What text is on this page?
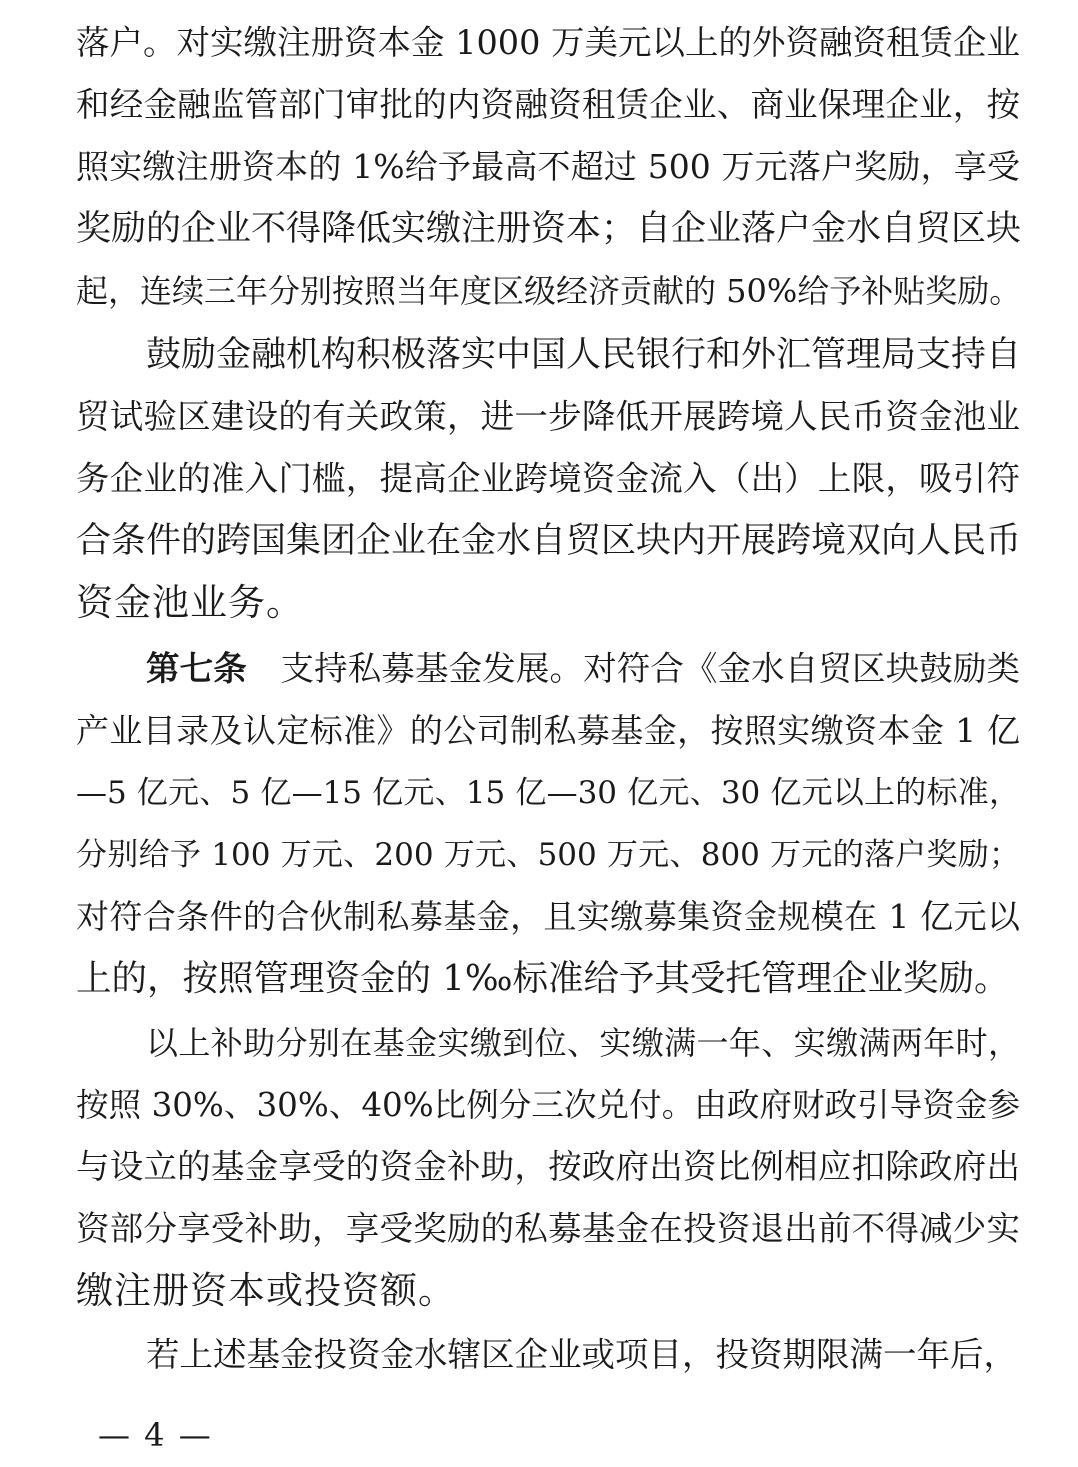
落户。对实缴注册资本金 1000 万美元以上的外资融资租赁企业
和经金融监管部门审批的内资融资租赁企业、商业保理企业，按
照实缴注册资本的 1%给予最高不超过 500 万元落户奖励，享受
奖励的企业不得降低实缴注册资本；自企业落户金水自贸区块
起，连续三年分别按照当年度区级经济贡献的 50%给予补贴奖励。
鼓励金融机构积极落实中国人民银行和外汇管理局支持自
贸试验区建设的有关政策，进一步降低开展跨境人民币资金池业
务企业的准入门槛，提高企业跨境资金流入（出）上限，吸引符
合条件的跨国集团企业在金水自贸区块内开展跨境双向人民币
资金池业务。
第七条  支持私募基金发展。对符合《金水自贸区块鼓励类
产业目录及认定标准》的公司制私募基金，按照实缴资本金 1 亿
—5 亿元、5 亿—15 亿元、15 亿—30 亿元、30 亿元以上的标准，
分别给予 100 万元、200 万元、500 万元、800 万元的落户奖励；
对符合条件的合伙制私募基金，且实缴募集资金规模在 1 亿元以
上的，按照管理资金的 1‰标准给予其受托管理企业奖励。
以上补助分别在基金实缴到位、实缴满一年、实缴满两年时，
按照 30%、30%、40%比例分三次兑付。由政府财政引导资金参
与设立的基金享受的资金补助，按政府出资比例相应扣除政府出
资部分享受补助，享受奖励的私募基金在投资退出前不得减少实
缴注册资本或投资额。
若上述基金投资金水辖区企业或项目，投资期限满一年后，
— 4 —
